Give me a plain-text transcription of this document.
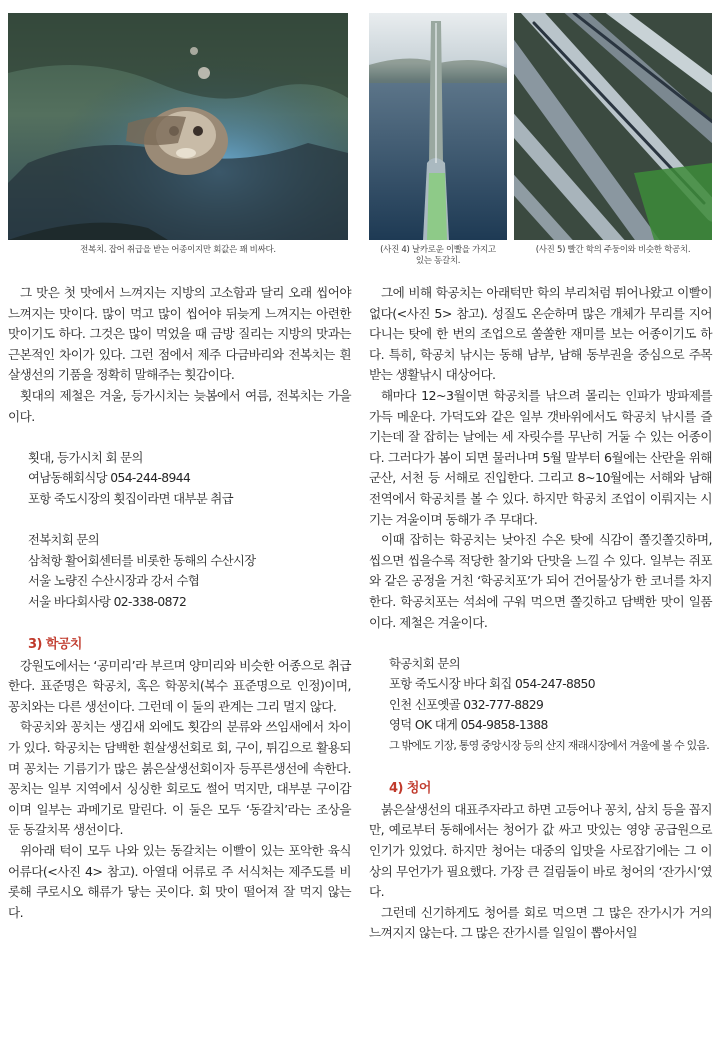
전복치. 잡어 취급을 받는 어종이지만 회값은 꽤 비싸다.	(사진 4) 날카로운 이빨을 가지고
있는 동갈치.
(사진 5) 빨간 학의 주둥이와 비슷한 학공치.

그 맛은 첫 맛에서 느껴지는 지방의 고소함과 달리 오래 씹어야 느껴지는 맛이다. 많이 먹고 많이 씹어야 뒤늦게 느껴지는 아련한 맛이기도 하다. 그것은 많이 먹었을 때 금방 질리는 지방의 맛과는 근본적인 차이가 있다. 그런 점에서 제주 다금바리와 전복치는 흰살생선의 기품을 정확히 말해주는 횟감이다.

횟대의 제철은 겨울, 등가시치는 늦봄에서 여름, 전복치는 가을이다.

횟대, 등가시치 회 문의
여남동해회식당 054-244-8944
포항 죽도시장의 횟집이라면 대부분 취급
전복치회 문의
삼척항 활어회센터를 비롯한 동해의 수산시장
서울 노량진 수산시장과 강서 수협
서울 바다회사랑 02-338-0872
3) 학공치

강원도에서는 ‘공미리’라 부르며 양미리와 비슷한 어종으로 취급한다. 표준명은 학공치, 혹은 학꽁치(복수 표준명으로 인정)이며, 꽁치와는 다른 생선이다. 그런데 이 둘의 관계는 그리 멀지 않다.

학공치와 꽁치는 생김새 외에도 횟감의 분류와 쓰임새에서 차이가 있다. 학공치는 담백한 흰살생선회로 회, 구이, 튀김으로 활용되며 꽁치는 기름기가 많은 붉은살생선회이자 등푸른생선에 속한다. 꽁치는 일부 지역에서 싱싱한 회로도 썰어 먹지만, 대부분 구이감이며 일부는 과메기로 말린다. 이 둘은 모두 ‘동갈치’라는 조상을 둔 동갈치목 생선이다.

위아래 턱이 모두 나와 있는 동갈치는 이빨이 있는 포악한 육식어류다(<사진 4> 참고). 아열대 어류로 주 서식처는 제주도를 비롯해 쿠로시오 해류가 닿는 곳이다. 회 맛이 떨어져 잘 먹지 않는다.

그에 비해 학공치는 아래턱만 학의 부리처럼 튀어나왔고 이빨이 없다(<사진 5> 참고). 성질도 온순하며 많은 개체가 무리를 지어 다니는 탓에 한 번의 조업으로 쏠쏠한 재미를 보는 어종이기도 하다. 특히, 학공치 낚시는 동해 남부, 남해 동부권을 중심으로 주목받는 생활낚시 대상어다.

해마다 12~3월이면 학공치를 낚으려 몰리는 인파가 방파제를 가득 메운다. 가덕도와 같은 일부 갯바위에서도 학공치 낚시를 즐기는데 잘 잡히는 날에는 세 자릿수를 무난히 거둘 수 있는 어종이다. 그러다가 봄이 되면 물러나며 5월 말부터 6월에는 산란을 위해 군산, 서천 등 서해로 진입한다. 그리고 8~10월에는 서해와 남해 전역에서 학공치를 볼 수 있다. 하지만 학공치 조업이 이뤄지는 시기는 겨울이며 동해가 주 무대다.

이때 잡히는 학공치는 낮아진 수온 탓에 식감이 쫄깃쫄깃하며, 씹으면 씹을수록 적당한 찰기와 단맛을 느낄 수 있다. 일부는 쥐포와 같은 공정을 거친 ‘학공치포’가 되어 건어물상가 한 코너를 차지한다. 학공치포는 석쇠에 구워 먹으면 쫄깃하고 담백한 맛이 일품이다. 제철은 겨울이다.

학공치회 문의
포항 죽도시장 바다 회집 054-247-8850
인천 신포옛골 032-777-8829
영덕 OK 대게 054-9858-1388
그 밖에도 기장, 통영 중앙시장 등의 산지 재래시장에서 겨울에 볼 수 있음.
4) 청어

붉은살생선의 대표주자라고 하면 고등어나 꽁치, 삼치 등을 꼽지만, 예로부터 동해에서는 청어가 값 싸고 맛있는 영양 공급원으로 인기가 있었다. 하지만 청어는 대중의 입맛을 사로잡기에는 그 이상의 무언가가 필요했다. 가장 큰 걸림돌이 바로 청어의 ‘잔가시’였다.

그런데 신기하게도 청어를 회로 먹으면 그 많은 잔가시가 거의 느껴지지 않는다. 그 많은 잔가시를 일일이 뽑아서일
